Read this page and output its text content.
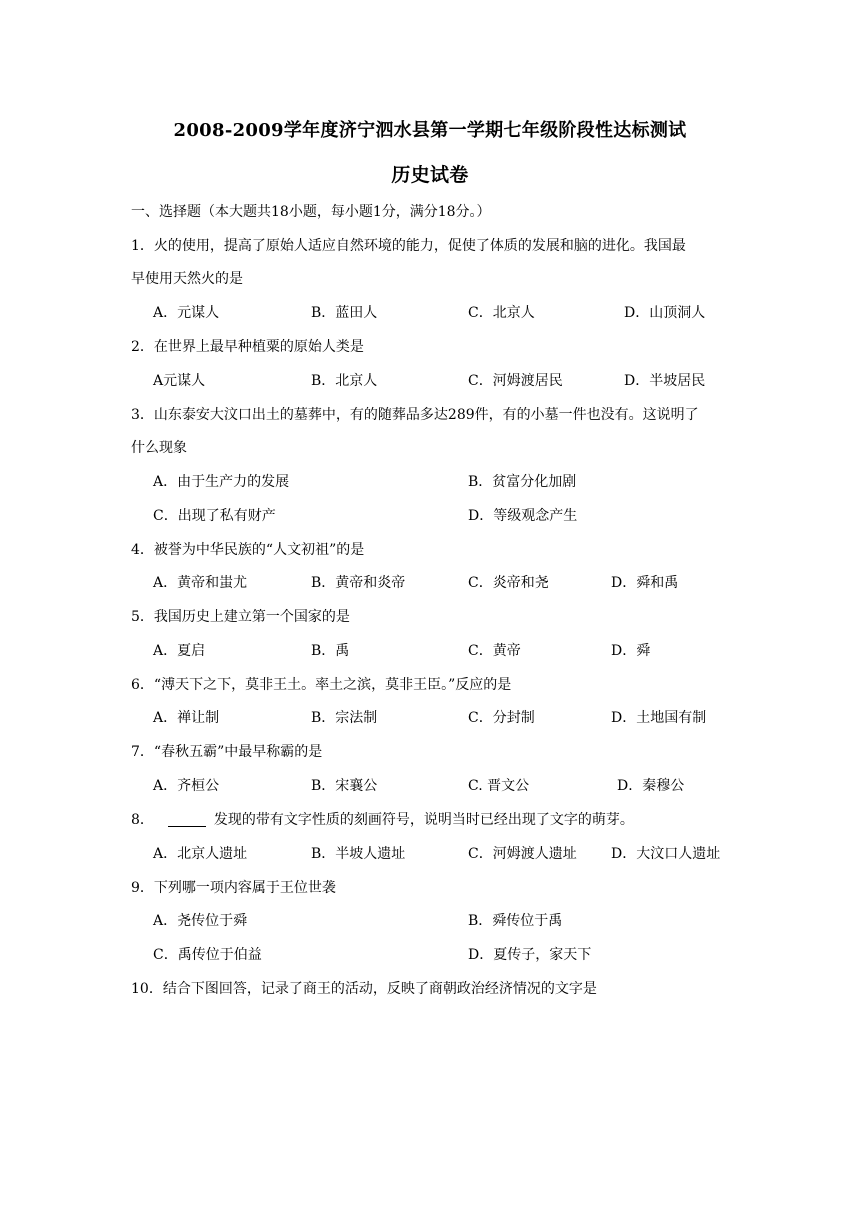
2008-2009学年度济宁泗水县第一学期七年级阶段性达标测试
历史试卷
一、选择题（本大题共18小题，每小题1分，满分18分。）
1．火的使用，提高了原始人适应自然环境的能力，促使了体质的发展和脑的进化。我国最
早使用天然火的是
A．元谋人	B．蓝田人	C．北京人	D．山顶洞人
2．在世界上最早种植粟的原始人类是
A元谋人	B．北京人	C．河姆渡居民	D．半坡居民
3．山东泰安大汶口出土的墓葬中，有的随葬品多达289件，有的小墓一件也没有。这说明了
什么现象
A．由于生产力的发展	B．贫富分化加剧
C．出现了私有财产	D．等级观念产生
4．被誉为中华民族的“人文初祖”的是
A．黄帝和蚩尤	B．黄帝和炎帝	C．炎帝和尧	D．舜和禹
5．我国历史上建立第一个国家的是
A．夏启	B．禹	C．黄帝	D．舜
6．“溥天下之下，莫非王土。率土之滨，莫非王臣。”反应的是
A．禅让制	B．宗法制	C．分封制	D．土地国有制
7．“春秋五霸”中最早称霸的是
A．齐桓公	B．宋襄公	C. 晋文公	D．秦穆公
8．	发现的带有文字性质的刻画符号，说明当时已经出现了文字的萌芽。
A．北京人遗址	B．半坡人遗址	C．河姆渡人遗址 D．大汶口人遗址
9．下列哪一项内容属于王位世袭
A．尧传位于舜	B．舜传位于禹
C．禹传位于伯益	D．夏传子，家天下
10．结合下图回答，记录了商王的活动，反映了商朝政治经济情况的文字是
